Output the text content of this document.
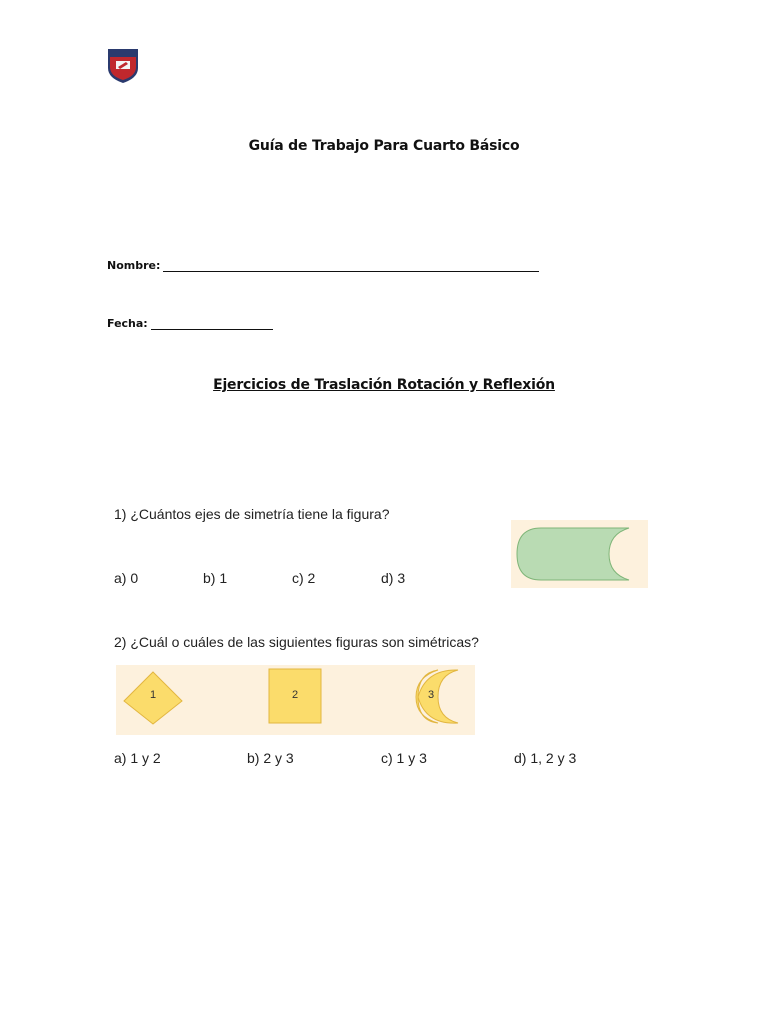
Guía de Trabajo Para Cuarto Básico
Nombre:
Fecha:
Ejercicios de Traslación Rotación y Reflexión
1) ¿Cuántos ejes de simetría tiene la figura?
a) 0	b) 1	c) 2	d) 3
2) ¿Cuál o cuáles de las siguientes figuras son simétricas?
1	2	3
a) 1 y 2	b) 2 y 3	c) 1 y 3	d) 1, 2 y 3
